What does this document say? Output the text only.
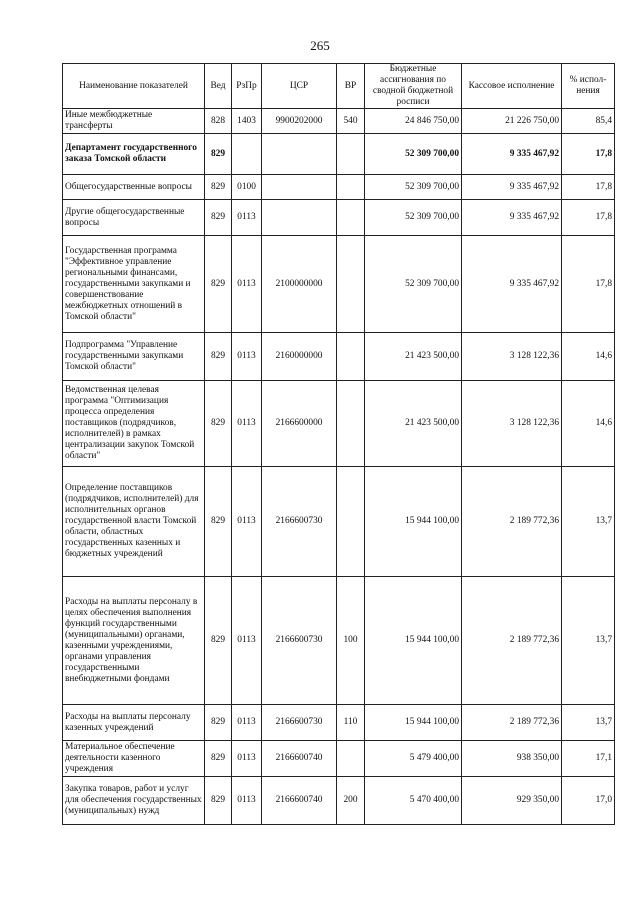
265
Наименование показателей	Вед	РзПр	ЦСР	ВР	Бюджетные ассигнования по сводной бюджетной росписи	Кассовое исполнение	% испол-нения
Иные межбюджетные трансферты	828	1403	9900202000	540	24 846 750,00	21 226 750,00	85,4
Департамент государственного заказа Томской области	829				52 309 700,00	9 335 467,92	17,8
Общегосударственные вопросы	829	0100			52 309 700,00	9 335 467,92	17,8
Другие общегосударственные вопросы	829	0113			52 309 700,00	9 335 467,92	17,8
Государственная программа "Эффективное управление региональными финансами, государственными закупками и совершенствование межбюджетных отношений в Томской области"	829	0113	2100000000		52 309 700,00	9 335 467,92	17,8
Подпрограмма "Управление государственными закупками Томской области"	829	0113	2160000000		21 423 500,00	3 128 122,36	14,6
Ведомственная целевая программа "Оптимизация процесса определения поставщиков (подрядчиков, исполнителей) в рамках централизации закупок Томской области"	829	0113	2166600000		21 423 500,00	3 128 122,36	14,6
Определение поставщиков (подрядчиков, исполнителей) для исполнительных органов государственной власти Томской области, областных государственных казенных и бюджетных учреждений	829	0113	2166600730		15 944 100,00	2 189 772,36	13,7
Расходы на выплаты персоналу в целях обеспечения выполнения функций государственными (муниципальными) органами, казенными учреждениями, органами управления государственными внебюджетными фондами	829	0113	2166600730	100	15 944 100,00	2 189 772,36	13,7
Расходы на выплаты персоналу казенных учреждений	829	0113	2166600730	110	15 944 100,00	2 189 772,36	13,7
Материальное обеспечение деятельности казенного учреждения	829	0113	2166600740		5 479 400,00	938 350,00	17,1
Закупка товаров, работ и услуг для обеспечения государственных (муниципальных) нужд	829	0113	2166600740	200	5 470 400,00	929 350,00	17,0
